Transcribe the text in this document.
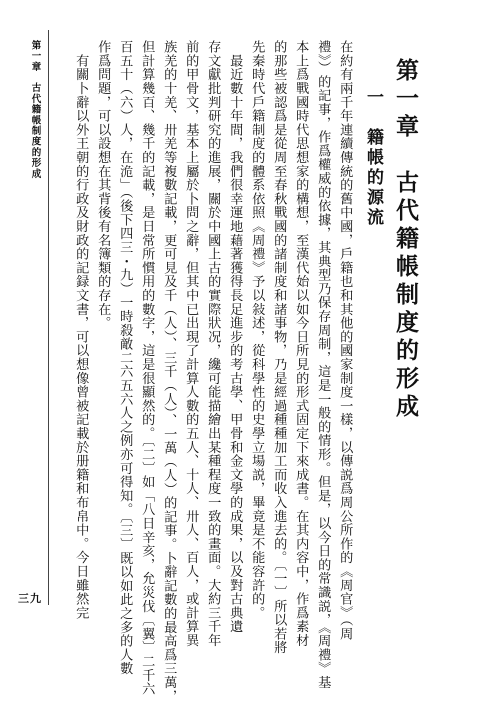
第一章　古代籍帳制度的形成
一　籍帳的源流
在約有兩千年連續傳統的舊中國，戶籍也和其他的國家制度一樣，以傳説爲周公所作的《周官》（周
禮》）的記事，作爲權威的依據，其典型乃保存周制，這是一般的情形。但是，以今日的常識説，《周禮》基
本上爲戰國時代思想家的構想，至漢代始以如今日所見的形式固定下來成書。在其内容中，作爲素材
的那些被認爲是從周至春秋戰國的諸制度和諸事物，乃是經過種種加工而收入進去的。〔一〕所以若將
先秦時代戶籍制度的體系依照《周禮》予以敍述，從科學性的史學立場説，畢竟是不能容許的。
　最近數十年間，我們很幸運地藉著獲得長足進步的考古學、甲骨和金文學的成果，以及對古典遺
存文獻批判研究的進展，關於中國上古的實際狀况，纔可能描繪出某種程度一致的畫面。大約三千年
前的甲骨文，基本上屬於卜問之辭，但其中已出現了計算人數的五人、十人、卅人、百人，或計算異
族羌的十羌、卅羌等複數記載，更可見及千（人）、三千（人）、一萬（人）的記事。卜辭記數的最高爲三萬，
但計算幾百、幾千的記載，是日常所慣用的數字，這是很顯然的。〔二〕如「八日辛亥，允災伐〔翼〕二千六
百五十（六）人，在洈」（後下四三・九）一時殺敵二六五六人之例亦可得知。〔三〕既以如此之多的人數
作爲問題，可以設想在其背後有名簿類的存在。
　有關卜辭以外王朝的行政及財政的記録文書，可以想像曾被記載於册籍和布帛中。今日雖然完
第一章　古代籍帳制度的形成
三九
